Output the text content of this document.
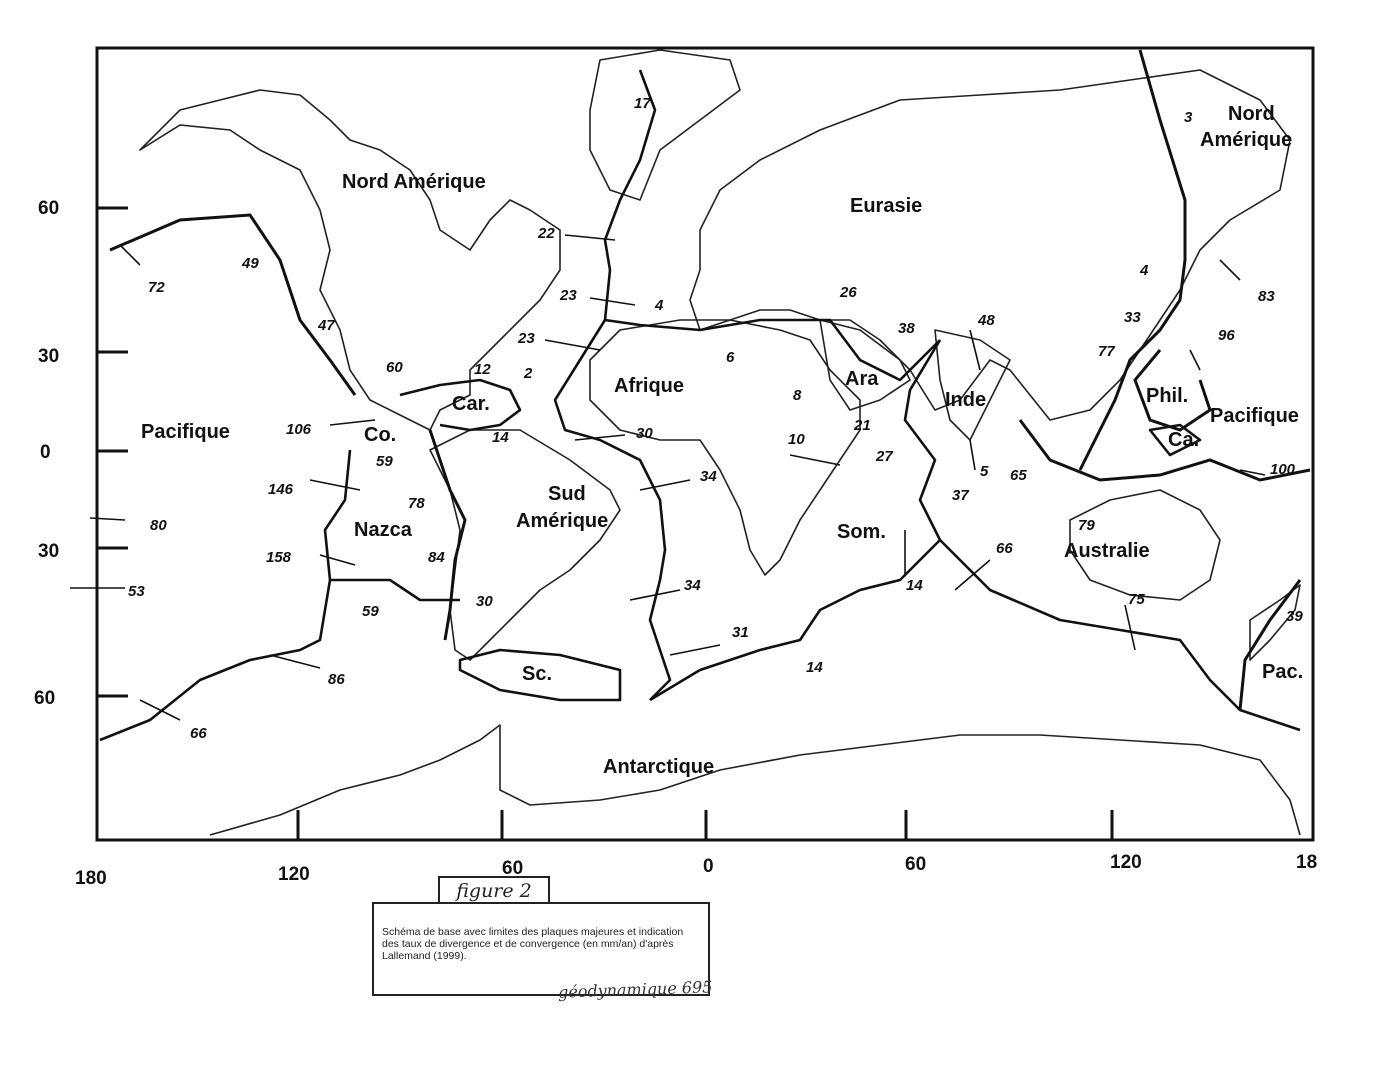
60
30
0
30
60
180	120	60	0	60	120	18
Nord Amérique
Eurasie
Nord
Amérique
Pacifique
Afrique
Car.
Co.
Ara
Inde	Phil.
Pacifique
Ca.
Sud
Amérique
Nazca	Som.
Australie
Sc.	Pac.
Antarctique
17
3
72
49
47
22
23
4
23
2
12
60
106
59
14	30
6
26
38	48
8
21
10
27
5 65
4
33
83
96
77
100
146
78
34
37
80
158	84
79
66
30
53
59
86
34
31
14
14
75
39
66
figure 2
Schéma de base avec limites des plaques majeures et indication des taux de divergence et de convergence (en mm/an) d'après Lallemand (1999).
géodynamique 695
